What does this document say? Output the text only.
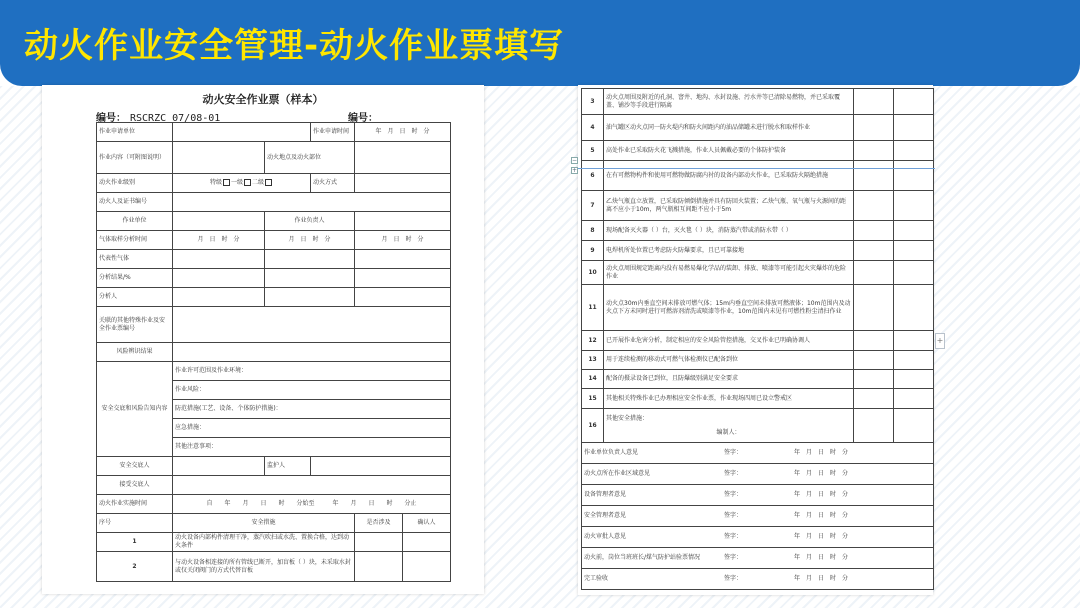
动火作业安全管理-动火作业票填写
动火安全作业票（样本）
编号： RSCRZC 07/08-01	编号：
作业申请单位			作业申请时间	年　月　日　时　分	
作业内容（可附图说明）		动火地点及动火部位			
动火作业级别	特级 一级 二级		动火方式		
动火人及证书编号					
作业单位		作业负责人			
气体取样分析时间	月　日　时　分	月　日　时　分		月　日　时　分	
代表性气体					
分析结果/%					
分析人					
关联的其他特殊作业及安全作业票编号					
风险辨识结果					
安全交底和风险告知内容	作业许可范围及作业环境：				
	作业风险：				
	防范措施(工艺、设备、个体防护措施)：				
	应急措施：				
	其他注意事项：				
安全交底人		监护人			
接受交底人					
动火作业实施时间	自　　年　　月　　日　　时　　分始至　　　年　　月　　日　　时　　分止				
序号	安全措施			是否涉及	确认人
1	动火设备内部构件清理干净，蒸汽吹扫或水洗、置换合格，达到动火条件				
2	与动火设备相连接的所有管线已断开，加盲板（ ）块，未采取水封或仅关闭阀门的方式代替盲板				
3	动火点周围及附近的孔洞、窨井、地沟、水封设施、污水井等已清除易燃物，并已采取覆盖、铺沙等手段进行隔离		
4	油气罐区动火点同一防火堤内和防火间距内的油品储罐未进行脱水和取样作业		
5	高处作业已采取防火花飞溅措施，作业人员佩戴必要的个体防护装备		
6	在有可燃物构件和使用可燃物做防腐内衬的设备内部动火作业，已采取防火隔绝措施		
7	乙炔气瓶直立放置，已采取防倾倒措施并具有防回火装置；乙炔气瓶、氧气瓶与火源间的距离不应小于10m，两气瓶相互间距不应小于5m		
8	现场配备灭火器（ ）台，灭火毯（ ）块，消防蒸汽带或消防水带（ ）		
9	电焊机所处位置已考虑防火防爆要求，且已可靠接地		
10	动火点周围规定距离内没有易燃易爆化学品的装卸、排放、喷漆等可能引起火灾爆炸的危险作业		
11	动火点30m内垂直空间未排放可燃气体；15m内垂直空间未排放可燃液体；10m范围内及动火点下方未同时进行可燃溶剂清洗或喷漆等作业，10m范围内未见有可燃性粉尘清扫作业		
12	已开展作业危害分析，制定相应的安全风险管控措施，交叉作业已明确协调人		
13	用于连续检测的移动式可燃气体检测仪已配备到位		
14	配备的摄录设备已到位，且防爆级别满足安全要求		
15	其他相关特殊作业已办理相应安全作业票，作业现场四周已设立警戒区		
16	其他安全措施：
编制人：		

作业单位负责人意见 签字： 年　月　日　时　分			
动火点所在作业区域意见 签字： 年　月　日　时　分			
设备管理者意见 签字： 年　月　日　时　分			
安全管理者意见 签字： 年　月　日　时　分			
动火审批人意见 签字： 年　月　日　时　分			
动火前，岗位当班班长/煤气防护站验票情况 签字： 年　月　日　时　分			
完工验收 签字： 年　月　日　时　分			
−
+
+
